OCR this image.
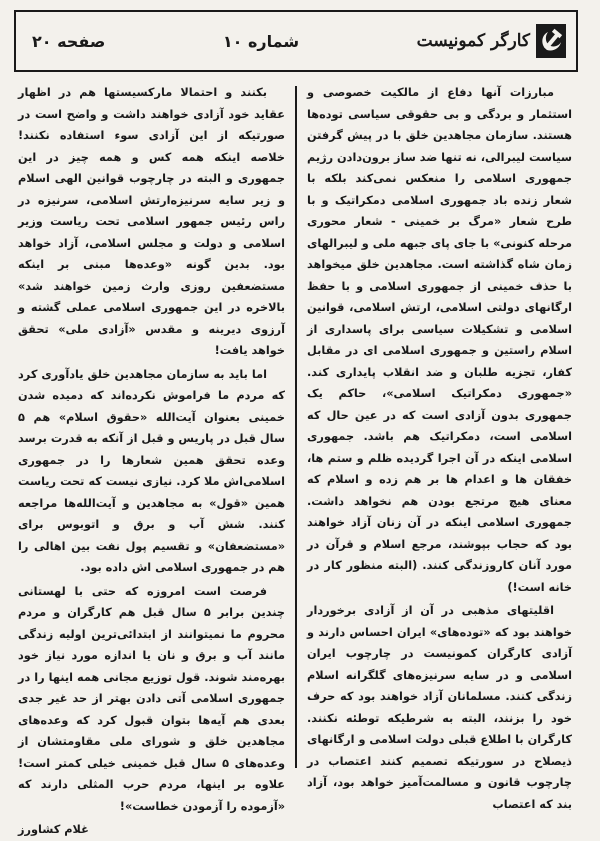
صفحه ۲۰	شماره ۱۰	کارگر کمونیست

مبارزات آنها دفاع از مالکیت خصوصی و استثمار و بردگی و بی حقوقی سیاسی توده‌ها هستند. سازمان مجاهدین خلق با در پیش گرفتن سیاست لیبرالی، نه تنها ضد ساز برون‌دادن رژیم جمهوری اسلامی را منعکس نمی‌کند بلکه با شعار زنده باد جمهوری اسلامی دمکراتیک و با طرح شعار «مرگ بر خمینی - شعار محوری مرحله کنونی» با جای پای جبهه ملی و لیبرالهای زمان شاه گذاشته است. مجاهدین خلق میخواهد با حذف خمینی از جمهوری اسلامی و با حفظ ارگانهای دولتی اسلامی، ارتش اسلامی، قوانین اسلامی و تشکیلات سیاسی برای پاسداری از اسلام راستین و جمهوری اسلامی ای در مقابل کفار، تجزیه طلبان و ضد انقلاب پایداری کند. «جمهوری دمکراتیک اسلامی»، حاکم یک جمهوری بدون آزادی است که در عین حال که اسلامی است، دمکراتیک هم باشد. جمهوری اسلامی اینکه در آن اجرا گردیده ظلم و ستم ها، خفقان ها و اعدام ها بر هم زده و اسلام که معنای هیچ مرتجع بودن هم نخواهد داشت. جمهوری اسلامی اینکه در آن زنان آزاد خواهند بود که حجاب بپوشند، مرجع اسلام و قرآن در مورد آنان کاروزندگی کنند. (البته منظور کار در خانه است!)

اقلیتهای مذهبی در آن از آزادی برخوردار خواهند بود که «توده‌های» ایران احساس دارند و آزادی کارگران کمونیست در چارچوب ایران اسلامی و در سایه سرنیزه‌های گلگرانه اسلام زندگی کنند. مسلمانان آزاد خواهند بود که حرف خود را بزنند، البته به شرطیکه توطئه نکنند. کارگران با اطلاع قبلی دولت اسلامی و ارگانهای ذیصلاح در سورتیکه تصمیم کنند اعتصاب در چارچوب قانون و مسالمت‌آمیز خواهد بود، آزاد بند که اعتصاب

بکنند و احتمالا مارکسیستها هم در اظهار عقاید خود آزادی خواهند داشت و واضح است در صورتیکه از این آزادی سوء استفاده نکنند! خلاصه اینکه همه کس و همه چیز در این جمهوری و البته در چارچوب قوانین الهی اسلام و زیر سایه سرنیزه‌ارتش اسلامی، سرنیزه در راس رئیس جمهور اسلامی تحت ریاست وزیر اسلامی و دولت و مجلس اسلامی، آزاد خواهد بود. بدین گونه «وعده‌ها مبنی بر اینکه مستضعفین روزی وارث زمین خواهند شد» بالاخره در این جمهوری اسلامی عملی گشته و آرزوی دیرینه و مقدس «آزادی ملی» تحقق خواهد یافت!

اما باید به سازمان مجاهدین خلق یادآوری کرد که مردم ما فراموش نکرده‌اند که دمیده شدن خمینی بعنوان آیت‌الله «حقوق اسلام» هم ۵ سال قبل در پاریس و قبل از آنکه به قدرت برسد وعده تحقق همین شعارها را در جمهوری اسلامی‌اش ملا کرد. نیازی نیست که تحت ریاست همین «قول» به مجاهدین و آیت‌الله‌ها مراجعه کنند. شش آب و برق و اتوبوس برای «مستضعفان» و تقسیم پول نفت بین اهالی را هم در جمهوری اسلامی اش داده بود.

فرصت است امروزه که حتی با لهستانی چندین برابر ۵ سال قبل هم کارگران و مردم محروم ما نمیتوانند از ابتدائی‌ترین اولیه زندگی مانند آب و برق و نان یا اندازه مورد نیاز خود بهره‌مند شوند. قول توزیع مجانی همه اینها را در جمهوری اسلامی آتی دادن بهتر از حد غیر جدی بعدی هم آیه‌ها بتوان قبول کرد که وعده‌های مجاهدین خلق و شورای ملی مقاومتشان از وعده‌های ۵ سال قبل خمینی خیلی کمتر است! علاوه بر اینها، مردم حرب المثلی دارند که «آزموده را آزمودن خطاست»!

غلام کشاورز
